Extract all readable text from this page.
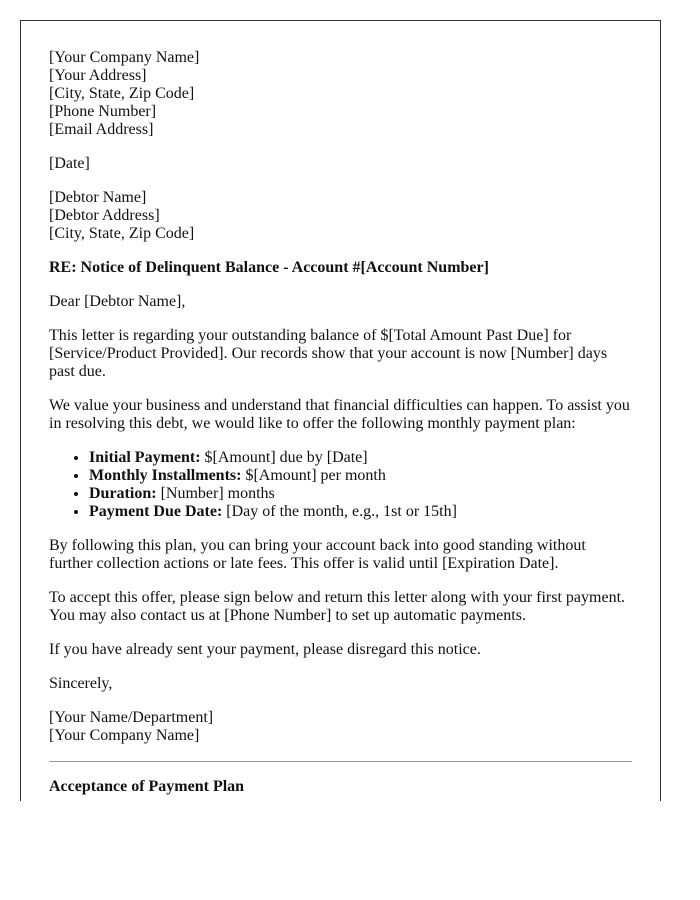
[Your Company Name]
[Your Address]
[City, State, Zip Code]
[Phone Number]
[Email Address]

[Date]

[Debtor Name]
[Debtor Address]
[City, State, Zip Code]

RE: Notice of Delinquent Balance - Account #[Account Number]

Dear [Debtor Name],

This letter is regarding your outstanding balance of $[Total Amount Past Due] for [Service/Product Provided]. Our records show that your account is now [Number] days past due.

We value your business and understand that financial difficulties can happen. To assist you in resolving this debt, we would like to offer the following monthly payment plan:

• Initial Payment: $[Amount] due by [Date]
• Monthly Installments: $[Amount] per month
• Duration: [Number] months
• Payment Due Date: [Day of the month, e.g., 1st or 15th]

By following this plan, you can bring your account back into good standing without further collection actions or late fees. This offer is valid until [Expiration Date].

To accept this offer, please sign below and return this letter along with your first payment. You may also contact us at [Phone Number] to set up automatic payments.

If you have already sent your payment, please disregard this notice.

Sincerely,

[Your Name/Department]
[Your Company Name]

Acceptance of Payment Plan
